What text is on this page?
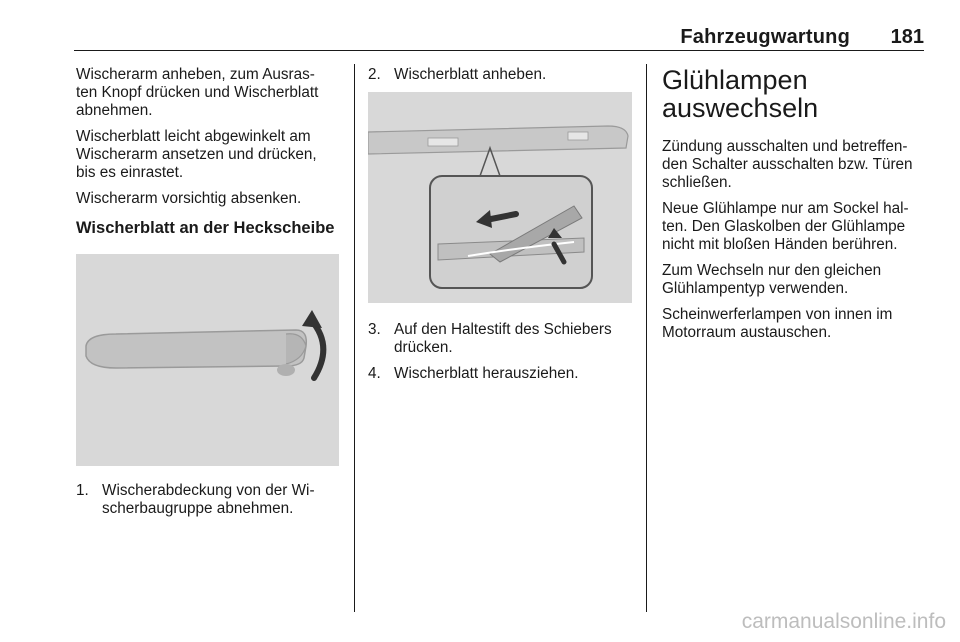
Fahrzeugwartung 181

Wischerarm anheben, zum Ausras- ten Knopf drücken und Wischerblatt abnehmen.

Wischerblatt leicht abgewinkelt am Wischerarm ansetzen und drücken, bis es einrastet.

Wischerarm vorsichtig absenken.

Wischerblatt an der Heckscheibe
1. Wischerabdeckung von der Wi- scherbaugruppe abnehmen.
2. Wischerblatt anheben.
3. Auf den Haltestift des Schiebers drücken.
4. Wischerblatt herausziehen.
Glühlampen auswechseln

Zündung ausschalten und betreffen- den Schalter ausschalten bzw. Türen schließen.

Neue Glühlampe nur am Sockel hal- ten. Den Glaskolben der Glühlampe nicht mit bloßen Händen berühren.

Zum Wechseln nur den gleichen Glühlampentyp verwenden.

Scheinwerferlampen von innen im Motorraum austauschen.

carmanualsonline.info
